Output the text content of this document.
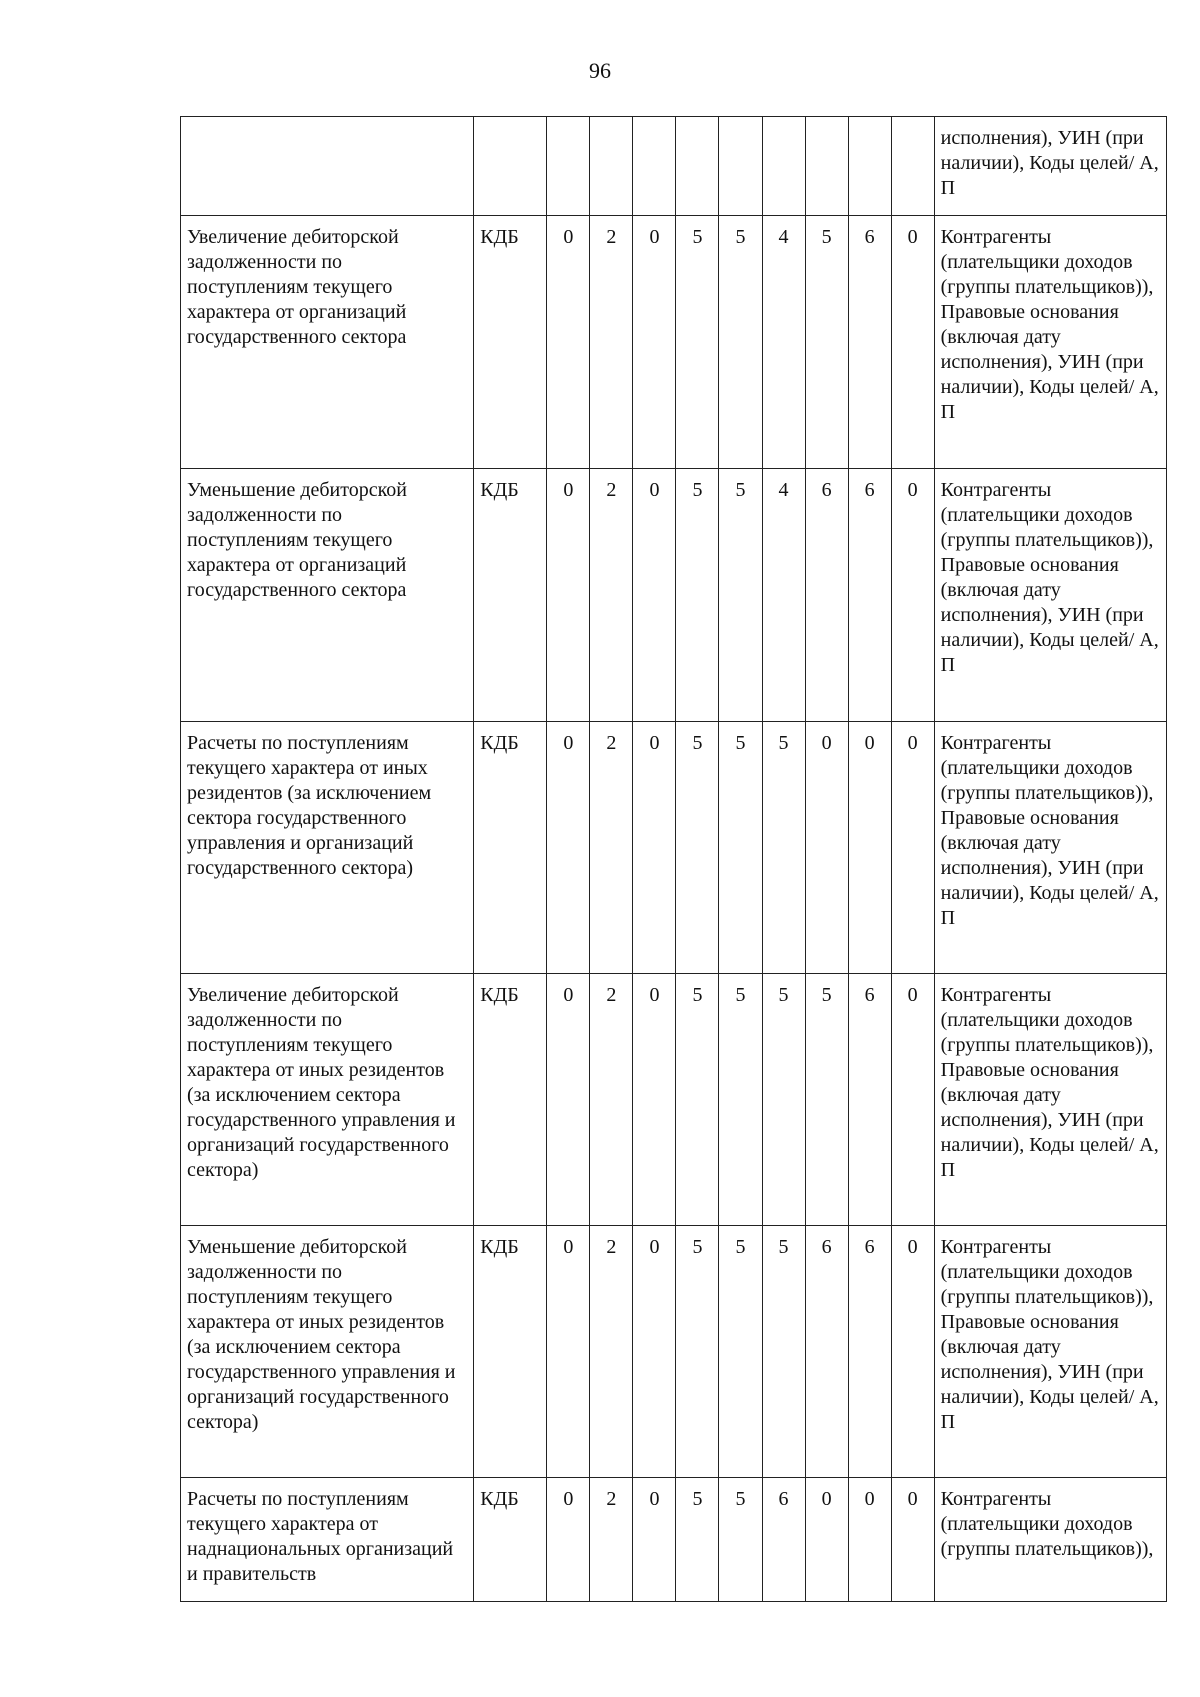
96
											исполнения), УИН (при наличии), Коды целей/ А, П
Увеличение дебиторской задолженности по поступлениям текущего характера от организаций государственного сектора	КДБ	0	2	0	5	5	4	5	6	0	Контрагенты (плательщики доходов (группы плательщиков)), Правовые основания (включая дату исполнения), УИН (при наличии), Коды целей/ А, П
Уменьшение дебиторской задолженности по поступлениям текущего характера от организаций государственного сектора	КДБ	0	2	0	5	5	4	6	6	0	Контрагенты (плательщики доходов (группы плательщиков)), Правовые основания (включая дату исполнения), УИН (при наличии), Коды целей/ А, П
Расчеты по поступлениям текущего характера от иных резидентов (за исключением сектора государственного управления и организаций государственного сектора)	КДБ	0	2	0	5	5	5	0	0	0	Контрагенты (плательщики доходов (группы плательщиков)), Правовые основания (включая дату исполнения), УИН (при наличии), Коды целей/ А, П
Увеличение дебиторской задолженности по поступлениям текущего характера от иных резидентов (за исключением сектора государственного управления и организаций государственного сектора)	КДБ	0	2	0	5	5	5	5	6	0	Контрагенты (плательщики доходов (группы плательщиков)), Правовые основания (включая дату исполнения), УИН (при наличии), Коды целей/ А, П
Уменьшение дебиторской задолженности по поступлениям текущего характера от иных резидентов (за исключением сектора государственного управления и организаций государственного сектора)	КДБ	0	2	0	5	5	5	6	6	0	Контрагенты (плательщики доходов (группы плательщиков)), Правовые основания (включая дату исполнения), УИН (при наличии), Коды целей/ А, П
Расчеты по поступлениям текущего характера от наднациональных организаций и правительств	КДБ	0	2	0	5	5	6	0	0	0	Контрагенты (плательщики доходов (группы плательщиков)),
